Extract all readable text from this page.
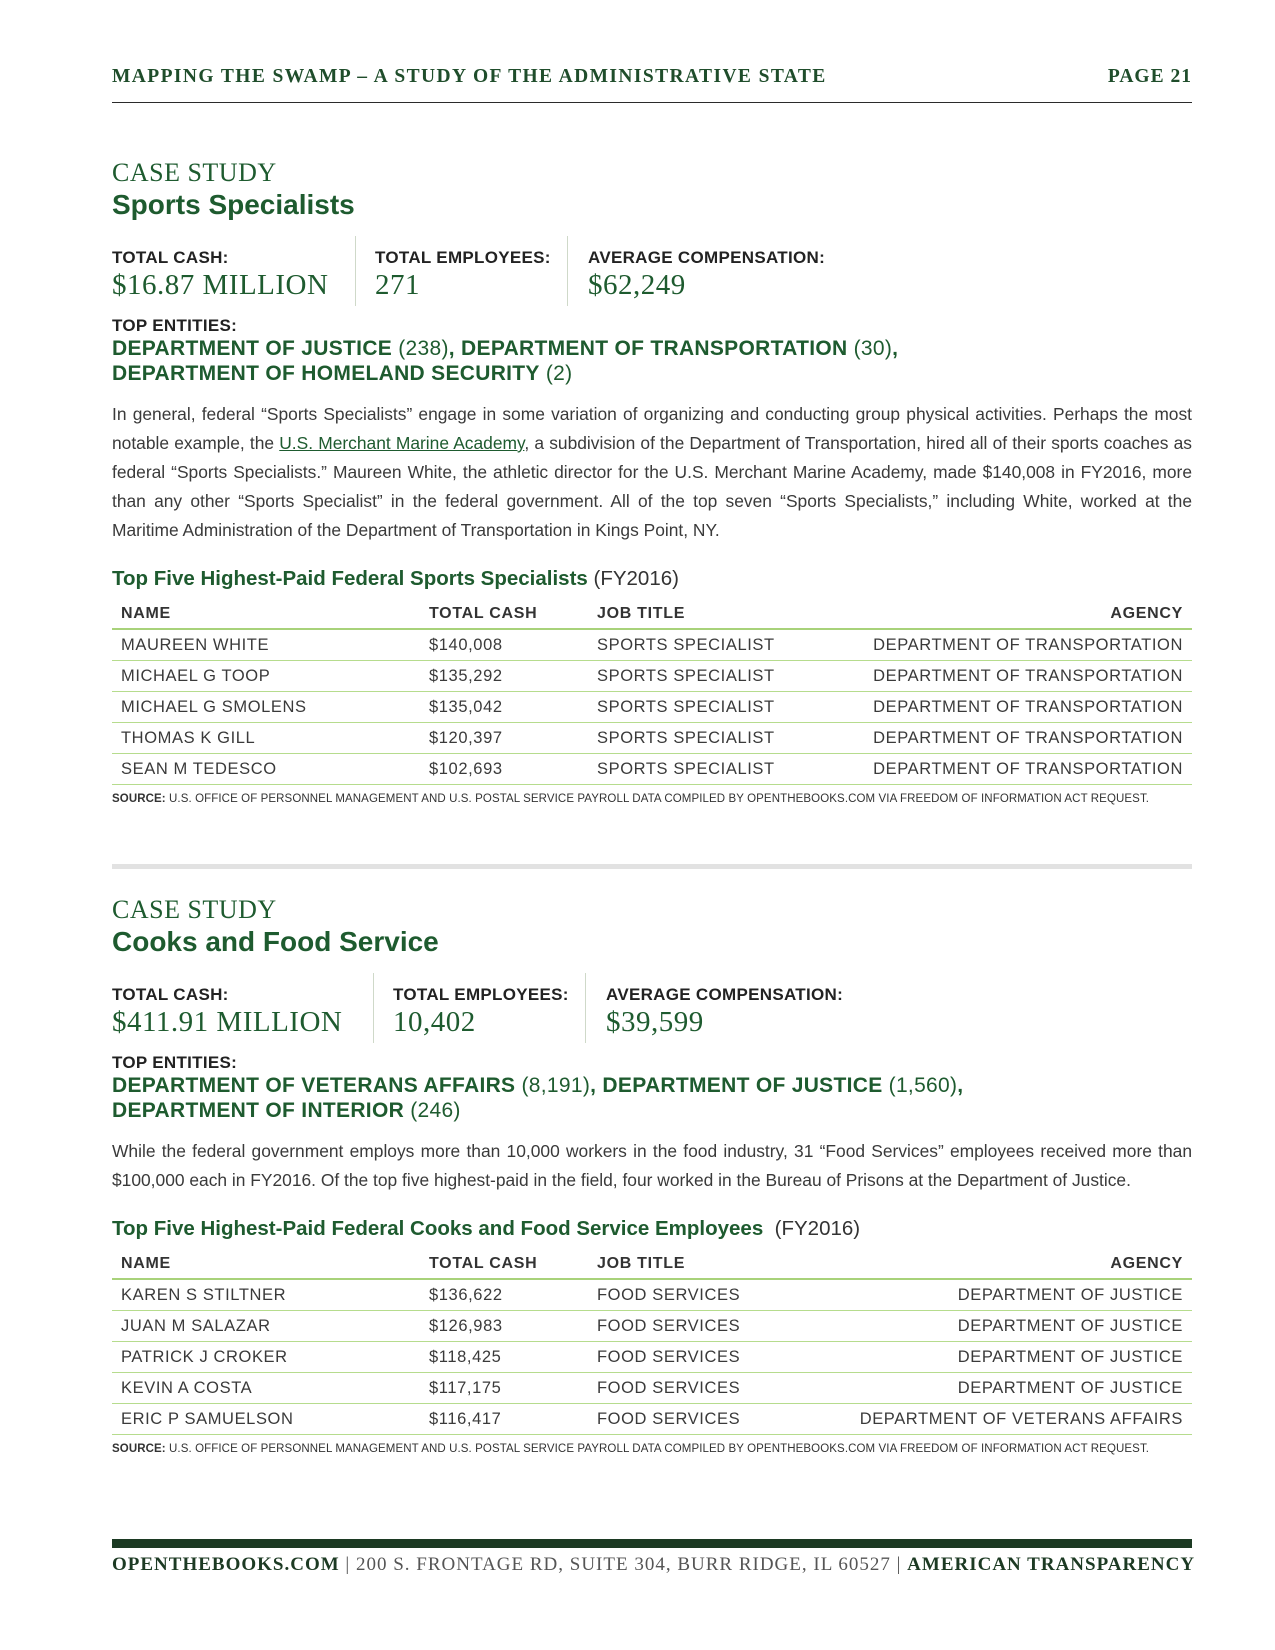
MAPPING THE SWAMP – A STUDY OF THE ADMINISTRATIVE STATE	PAGE 21
CASE STUDY
Sports Specialists
TOTAL CASH:
$16.87 MILLION
TOTAL EMPLOYEES:
271
AVERAGE COMPENSATION:
$62,249
TOP ENTITIES:
DEPARTMENT OF JUSTICE (238), DEPARTMENT OF TRANSPORTATION (30),
DEPARTMENT OF HOMELAND SECURITY (2)
In general, federal “Sports Specialists” engage in some variation of organizing and conducting group physical activities. Perhaps the most notable example, the U.S. Merchant Marine Academy, a subdivision of the Department of Transportation, hired all of their sports coaches as federal “Sports Specialists.” Maureen White, the athletic director for the U.S. Merchant Marine Academy, made $140,008 in FY2016, more than any other “Sports Specialist” in the federal government. All of the top seven “Sports Specialists,” including White, worked at the Maritime Administration of the Department of Transportation in Kings Point, NY.
Top Five Highest-Paid Federal Sports Specialists (FY2016)
NAME	TOTAL CASH	JOB TITLE	AGENCY
MAUREEN WHITE	$140,008	SPORTS SPECIALIST	DEPARTMENT OF TRANSPORTATION
MICHAEL G TOOP	$135,292	SPORTS SPECIALIST	DEPARTMENT OF TRANSPORTATION
MICHAEL G SMOLENS	$135,042	SPORTS SPECIALIST	DEPARTMENT OF TRANSPORTATION
THOMAS K GILL	$120,397	SPORTS SPECIALIST	DEPARTMENT OF TRANSPORTATION
SEAN M TEDESCO	$102,693	SPORTS SPECIALIST	DEPARTMENT OF TRANSPORTATION
SOURCE: U.S. OFFICE OF PERSONNEL MANAGEMENT AND U.S. POSTAL SERVICE PAYROLL DATA COMPILED BY OPENTHEBOOKS.COM VIA FREEDOM OF INFORMATION ACT REQUEST.
CASE STUDY
Cooks and Food Service
TOTAL CASH:
$411.91 MILLION
TOTAL EMPLOYEES:
10,402
AVERAGE COMPENSATION:
$39,599
TOP ENTITIES:
DEPARTMENT OF VETERANS AFFAIRS (8,191), DEPARTMENT OF JUSTICE (1,560),
DEPARTMENT OF INTERIOR (246)
While the federal government employs more than 10,000 workers in the food industry, 31 “Food Services” employees received more than $100,000 each in FY2016. Of the top five highest-paid in the field, four worked in the Bureau of Prisons at the Department of Justice.
Top Five Highest-Paid Federal Cooks and Food Service Employees (FY2016)
NAME	TOTAL CASH	JOB TITLE	AGENCY
KAREN S STILTNER	$136,622	FOOD SERVICES	DEPARTMENT OF JUSTICE
JUAN M SALAZAR	$126,983	FOOD SERVICES	DEPARTMENT OF JUSTICE
PATRICK J CROKER	$118,425	FOOD SERVICES	DEPARTMENT OF JUSTICE
KEVIN A COSTA	$117,175	FOOD SERVICES	DEPARTMENT OF JUSTICE
ERIC P SAMUELSON	$116,417	FOOD SERVICES	DEPARTMENT OF VETERANS AFFAIRS
SOURCE: U.S. OFFICE OF PERSONNEL MANAGEMENT AND U.S. POSTAL SERVICE PAYROLL DATA COMPILED BY OPENTHEBOOKS.COM VIA FREEDOM OF INFORMATION ACT REQUEST.
OPENTHEBOOKS.COM | 200 S. FRONTAGE RD, SUITE 304, BURR RIDGE, IL 60527 | AMERICAN TRANSPARENCY
